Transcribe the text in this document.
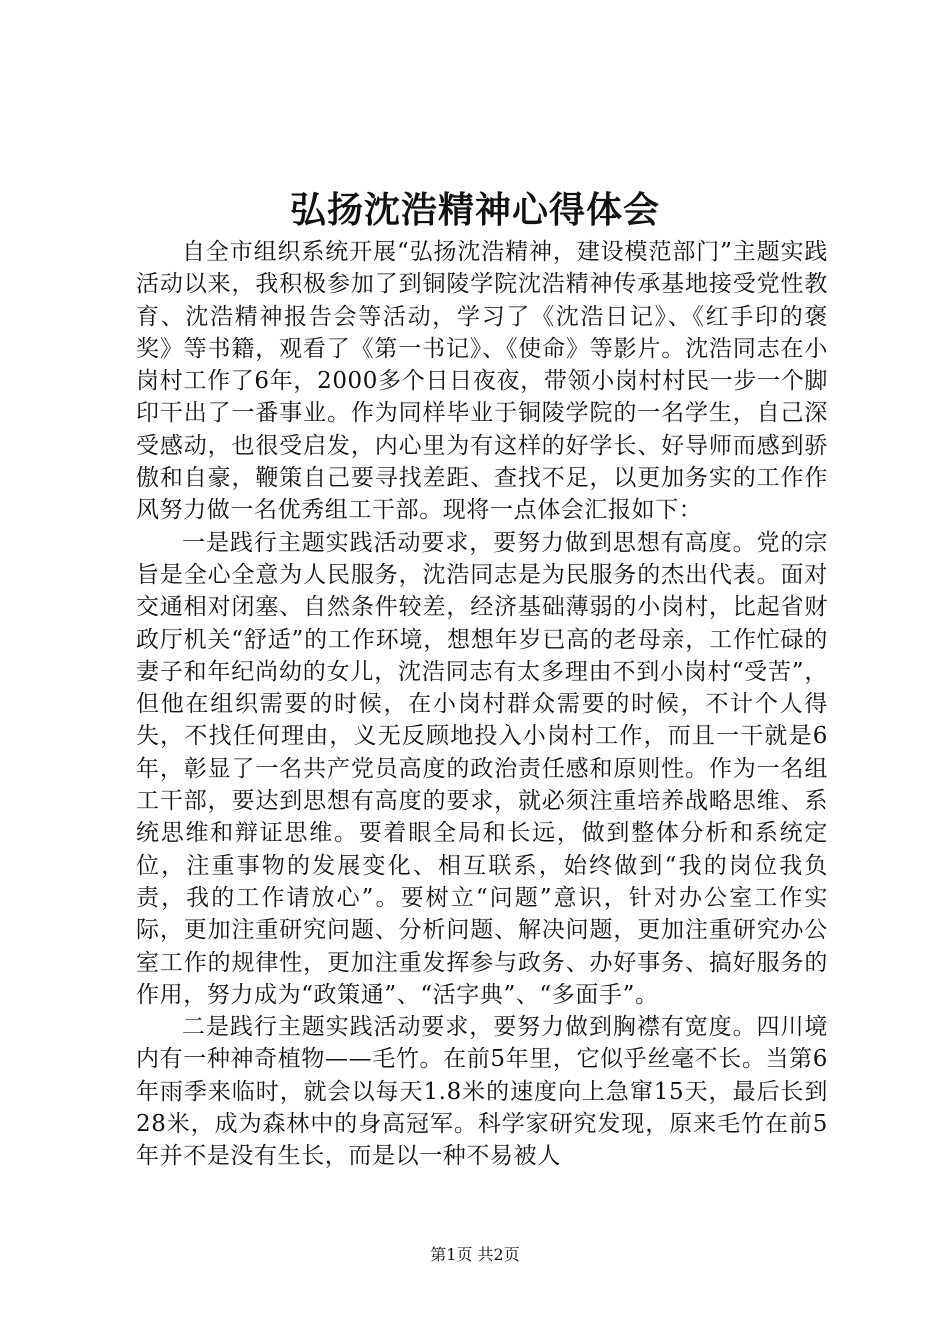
弘扬沈浩精神心得体会

自全市组织系统开展“弘扬沈浩精神，建设模范部门”主题实践活动以来，我积极参加了到铜陵学院沈浩精神传承基地接受党性教育、沈浩精神报告会等活动，学习了《沈浩日记》、《红手印的褒奖》等书籍，观看了《第一书记》、《使命》等影片。沈浩同志在小岗村工作了6年，2000多个日日夜夜，带领小岗村村民一步一个脚印干出了一番事业。作为同样毕业于铜陵学院的一名学生，自己深受感动，也很受启发，内心里为有这样的好学长、好导师而感到骄傲和自豪，鞭策自己要寻找差距、查找不足，以更加务实的工作作风努力做一名优秀组工干部。现将一点体会汇报如下：

一是践行主题实践活动要求，要努力做到思想有高度。党的宗旨是全心全意为人民服务，沈浩同志是为民服务的杰出代表。面对交通相对闭塞、自然条件较差，经济基础薄弱的小岗村，比起省财政厅机关“舒适”的工作环境，想想年岁已高的老母亲，工作忙碌的妻子和年纪尚幼的女儿，沈浩同志有太多理由不到小岗村“受苦”，但他在组织需要的时候，在小岗村群众需要的时候，不计个人得失，不找任何理由，义无反顾地投入小岗村工作，而且一干就是6年，彰显了一名共产党员高度的政治责任感和原则性。作为一名组工干部，要达到思想有高度的要求，就必须注重培养战略思维、系统思维和辩证思维。要着眼全局和长远，做到整体分析和系统定位，注重事物的发展变化、相互联系，始终做到“我的岗位我负责，我的工作请放心”。要树立“问题”意识，针对办公室工作实际，更加注重研究问题、分析问题、解决问题，更加注重研究办公室工作的规律性，更加注重发挥参与政务、办好事务、搞好服务的作用，努力成为“政策通”、“活字典”、“多面手”。

二是践行主题实践活动要求，要努力做到胸襟有宽度。四川境内有一种神奇植物——毛竹。在前5年里，它似乎丝毫不长。当第6年雨季来临时，就会以每天1.8米的速度向上急窜15天，最后长到28米，成为森林中的身高冠军。科学家研究发现，原来毛竹在前5年并不是没有生长，而是以一种不易被人

第1页 共2页
